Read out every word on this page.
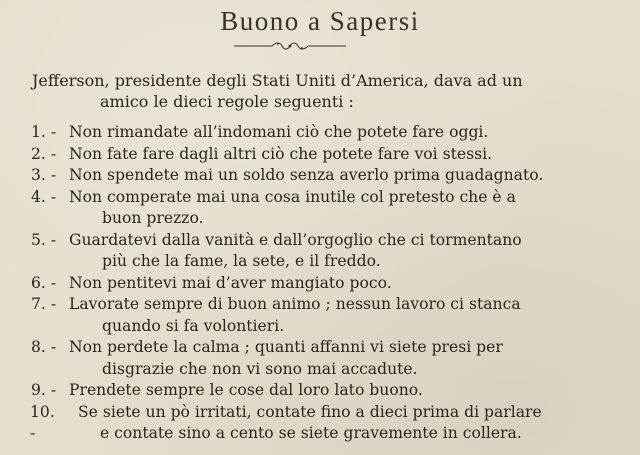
Buono a Sapersi
Jefferson, presidente degli Stati Uniti d’America, dava ad un
amico le dieci regole seguenti :
1. - Non rimandate all’indomani ciò che potete fare oggi.
2. - Non fate fare dagli altri ciò che potete fare voi stessi.
3. - Non spendete mai un soldo senza averlo prima guadagnato.
4. - Non comperate mai una cosa inutile col pretesto che è a
buon prezzo.
5. - Guardatevi dalla vanità e dall’orgoglio che ci tormentano
più che la fame, la sete, e il freddo.
6. - Non pentitevi mai d’aver mangiato poco.
7. - Lavorate sempre di buon animo ; nessun lavoro ci stanca
quando si fa volontieri.
8. - Non perdete la calma ; quanti affanni vi siete presi per
disgrazie che non vi sono mai accadute.
9. - Prendete sempre le cose dal loro lato buono.
10. -
Se siete un pò irritati, contate fino a dieci prima di parlare
e contate sino a cento se siete gravemente in collera.
